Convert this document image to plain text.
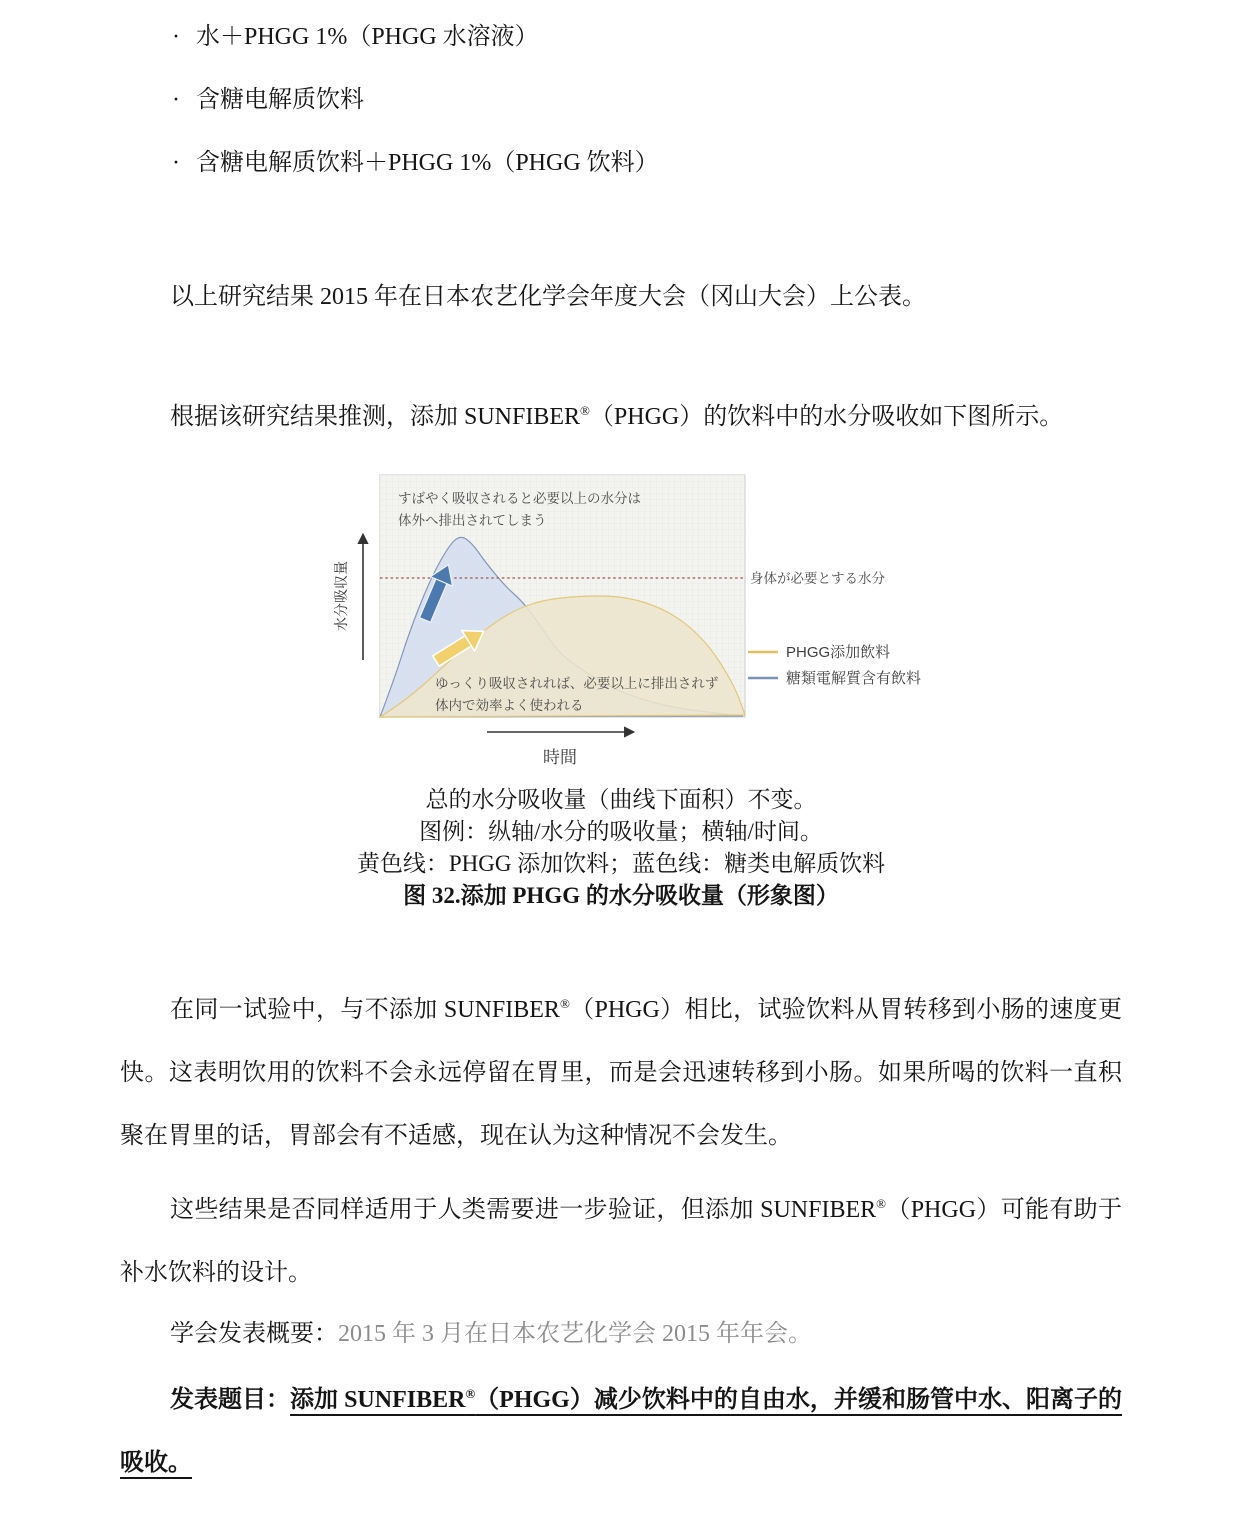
· 水＋PHGG 1%（PHGG 水溶液）
· 含糖电解质饮料
· 含糖电解质饮料＋PHGG 1%（PHGG 饮料）
以上研究结果 2015 年在日本农艺化学会年度大会（冈山大会）上公表。
根据该研究结果推测，添加 SUNFIBER®（PHGG）的饮料中的水分吸收如下图所示。
水分吸収量
すばやく吸収されると必要以上の水分は
体外へ排出されてしまう
ゆっくり吸収されれば、必要以上に排出されず
体内で効率よく使われる
身体が必要とする水分
PHGG添加飲料
糖類電解質含有飲料
時間
总的水分吸收量（曲线下面积）不变。
图例：纵轴/水分的吸收量；横轴/时间。
黄色线：PHGG 添加饮料；蓝色线：糖类电解质饮料
图 32.添加 PHGG 的水分吸收量（形象图）
在同一试验中，与不添加 SUNFIBER®（PHGG）相比，试验饮料从胃转移到小肠的速度更快。这表明饮用的饮料不会永远停留在胃里，而是会迅速转移到小肠。如果所喝的饮料一直积聚在胃里的话，胃部会有不适感，现在认为这种情况不会发生。
这些结果是否同样适用于人类需要进一步验证，但添加 SUNFIBER®（PHGG）可能有助于补水饮料的设计。
学会发表概要：2015 年 3 月在日本农艺化学会 2015 年年会。
发表题目：添加 SUNFIBER®（PHGG）减少饮料中的自由水，并缓和肠管中水、阳离子的吸收。
